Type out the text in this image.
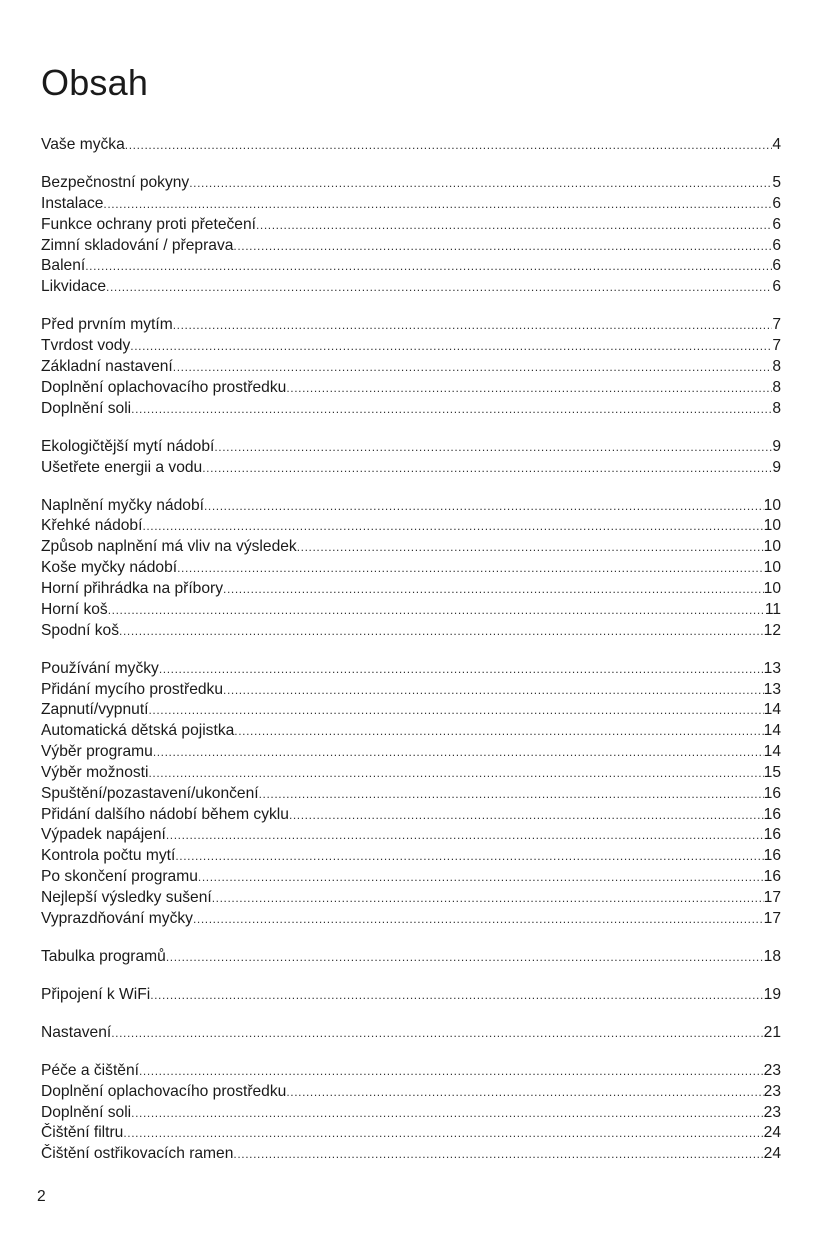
Obsah
Vaše myčka .....	4
Bezpečnostní pokyny .....	5
Instalace .....	6
Funkce ochrany proti přetečení .....	6
Zimní skladování / přeprava .....	6
Balení .....	6
Likvidace .....	6
Před prvním mytím .....	7
Tvrdost vody .....	7
Základní nastavení .....	8
Doplnění oplachovacího prostředku .....	8
Doplnění soli .....	8
Ekologičtější mytí nádobí .....	9
Ušetřete energii a vodu .....	9
Naplnění myčky nádobí .....	10
Křehké nádobí .....	10
Způsob naplnění má vliv na výsledek .....	10
Koše myčky nádobí .....	10
Horní přihrádka na příbory .....	10
Horní koš .....	11
Spodní koš .....	12
Používání myčky .....	13
Přidání mycího prostředku .....	13
Zapnutí/vypnutí .....	14
Automatická dětská pojistka .....	14
Výběr programu .....	14
Výběr možnosti .....	15
Spuštění/pozastavení/ukončení .....	16
Přidání dalšího nádobí během cyklu .....	16
Výpadek napájení .....	16
Kontrola počtu mytí .....	16
Po skončení programu .....	16
Nejlepší výsledky sušení .....	17
Vyprazdňování myčky .....	17
Tabulka programů .....	18
Připojení k WiFi .....	19
Nastavení .....	21
Péče a čištění .....	23
Doplnění oplachovacího prostředku .....	23
Doplnění soli .....	23
Čištění filtru .....	24
Čištění ostřikovacích ramen .....	24
2
